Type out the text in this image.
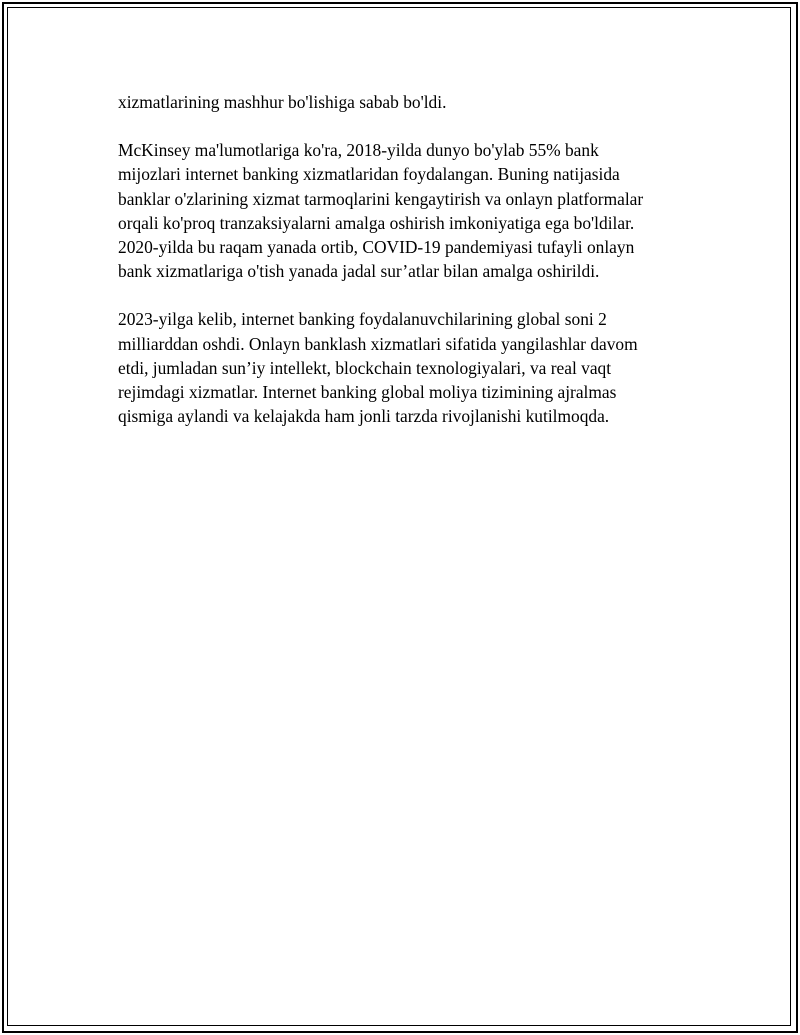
xizmatlarining mashhur bo'lishiga sabab bo'ldi.

McKinsey ma'lumotlariga ko'ra, 2018-yilda dunyo bo'ylab 55% bank
mijozlari internet banking xizmatlaridan foydalangan. Buning natijasida
banklar o'zlarining xizmat tarmoqlarini kengaytirish va onlayn platformalar
orqali ko'proq tranzaksiyalarni amalga oshirish imkoniyatiga ega bo'ldilar.
2020-yilda bu raqam yanada ortib, COVID-19 pandemiyasi tufayli onlayn
bank xizmatlariga o'tish yanada jadal sur’atlar bilan amalga oshirildi.

2023-yilga kelib, internet banking foydalanuvchilarining global soni 2
milliarddan oshdi. Onlayn banklash xizmatlari sifatida yangilashlar davom
etdi, jumladan sun’iy intellekt, blockchain texnologiyalari, va real vaqt
rejimdagi xizmatlar. Internet banking global moliya tizimining ajralmas
qismiga aylandi va kelajakda ham jonli tarzda rivojlanishi kutilmoqda.
